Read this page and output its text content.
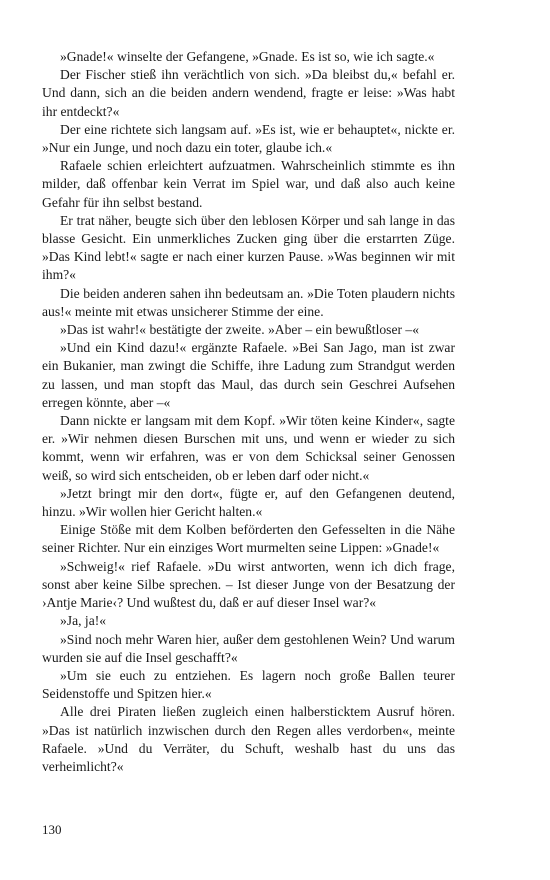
»Gnade!« winselte der Gefangene, »Gnade. Es ist so, wie ich sagte.«

Der Fischer stieß ihn verächtlich von sich. »Da bleibst du,« befahl er. Und dann, sich an die beiden andern wendend, fragte er leise: »Was habt ihr entdeckt?«

Der eine richtete sich langsam auf. »Es ist, wie er behauptet«, nickte er. »Nur ein Junge, und noch dazu ein toter, glaube ich.«

Rafaele schien erleichtert aufzuatmen. Wahrscheinlich stimmte es ihn milder, daß offenbar kein Verrat im Spiel war, und daß also auch keine Gefahr für ihn selbst bestand.

Er trat näher, beugte sich über den leblosen Körper und sah lange in das blasse Gesicht. Ein unmerkliches Zucken ging über die erstarrten Züge. »Das Kind lebt!« sagte er nach einer kurzen Pause. »Was beginnen wir mit ihm?«

Die beiden anderen sahen ihn bedeutsam an. »Die Toten plaudern nichts aus!« meinte mit etwas unsicherer Stimme der eine.

»Das ist wahr!« bestätigte der zweite. »Aber – ein bewußtloser –«

»Und ein Kind dazu!« ergänzte Rafaele. »Bei San Jago, man ist zwar ein Bukanier, man zwingt die Schiffe, ihre Ladung zum Strandgut werden zu lassen, und man stopft das Maul, das durch sein Geschrei Aufsehen erregen könnte, aber –«

Dann nickte er langsam mit dem Kopf. »Wir töten keine Kinder«, sagte er. »Wir nehmen diesen Burschen mit uns, und wenn er wieder zu sich kommt, wenn wir erfahren, was er von dem Schicksal seiner Genossen weiß, so wird sich entscheiden, ob er leben darf oder nicht.«

»Jetzt bringt mir den dort«, fügte er, auf den Gefangenen deutend, hinzu. »Wir wollen hier Gericht halten.«

Einige Stöße mit dem Kolben beförderten den Gefesselten in die Nähe seiner Richter. Nur ein einziges Wort murmelten seine Lippen: »Gnade!«

»Schweig!« rief Rafaele. »Du wirst antworten, wenn ich dich frage, sonst aber keine Silbe sprechen. – Ist dieser Junge von der Besatzung der ›Antje Marie‹? Und wußtest du, daß er auf dieser Insel war?«

»Ja, ja!«

»Sind noch mehr Waren hier, außer dem gestohlenen Wein? Und warum wurden sie auf die Insel geschafft?«

»Um sie euch zu entziehen. Es lagern noch große Ballen teurer Seidenstoffe und Spitzen hier.«

Alle drei Piraten ließen zugleich einen halbersticktem Ausruf hören. »Das ist natürlich inzwischen durch den Regen alles verdorben«, meinte Rafaele. »Und du Verräter, du Schuft, weshalb hast du uns das verheimlicht?«

130
